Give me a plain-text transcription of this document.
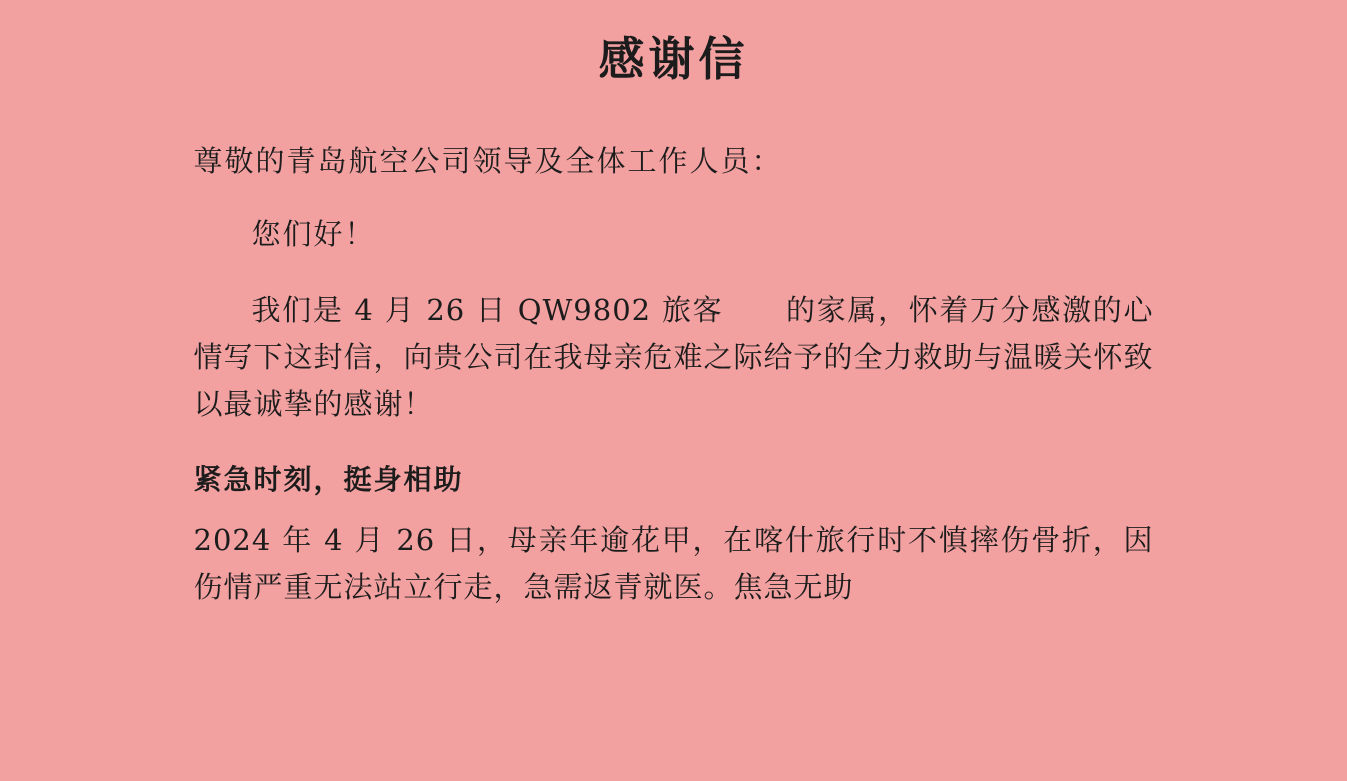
感谢信

尊敬的青岛航空公司领导及全体工作人员：

您们好！

我们是 4 月 26 日 QW9802 旅客 的家属，怀着万分感激的心情写下这封信，向贵公司在我母亲危难之际给予的全力救助与温暖关怀致以最诚挚的感谢！

紧急时刻，挺身相助

2024 年 4 月 26 日，母亲年逾花甲，在喀什旅行时不慎摔伤骨折，因伤情严重无法站立行走，急需返青就医。焦急无助
